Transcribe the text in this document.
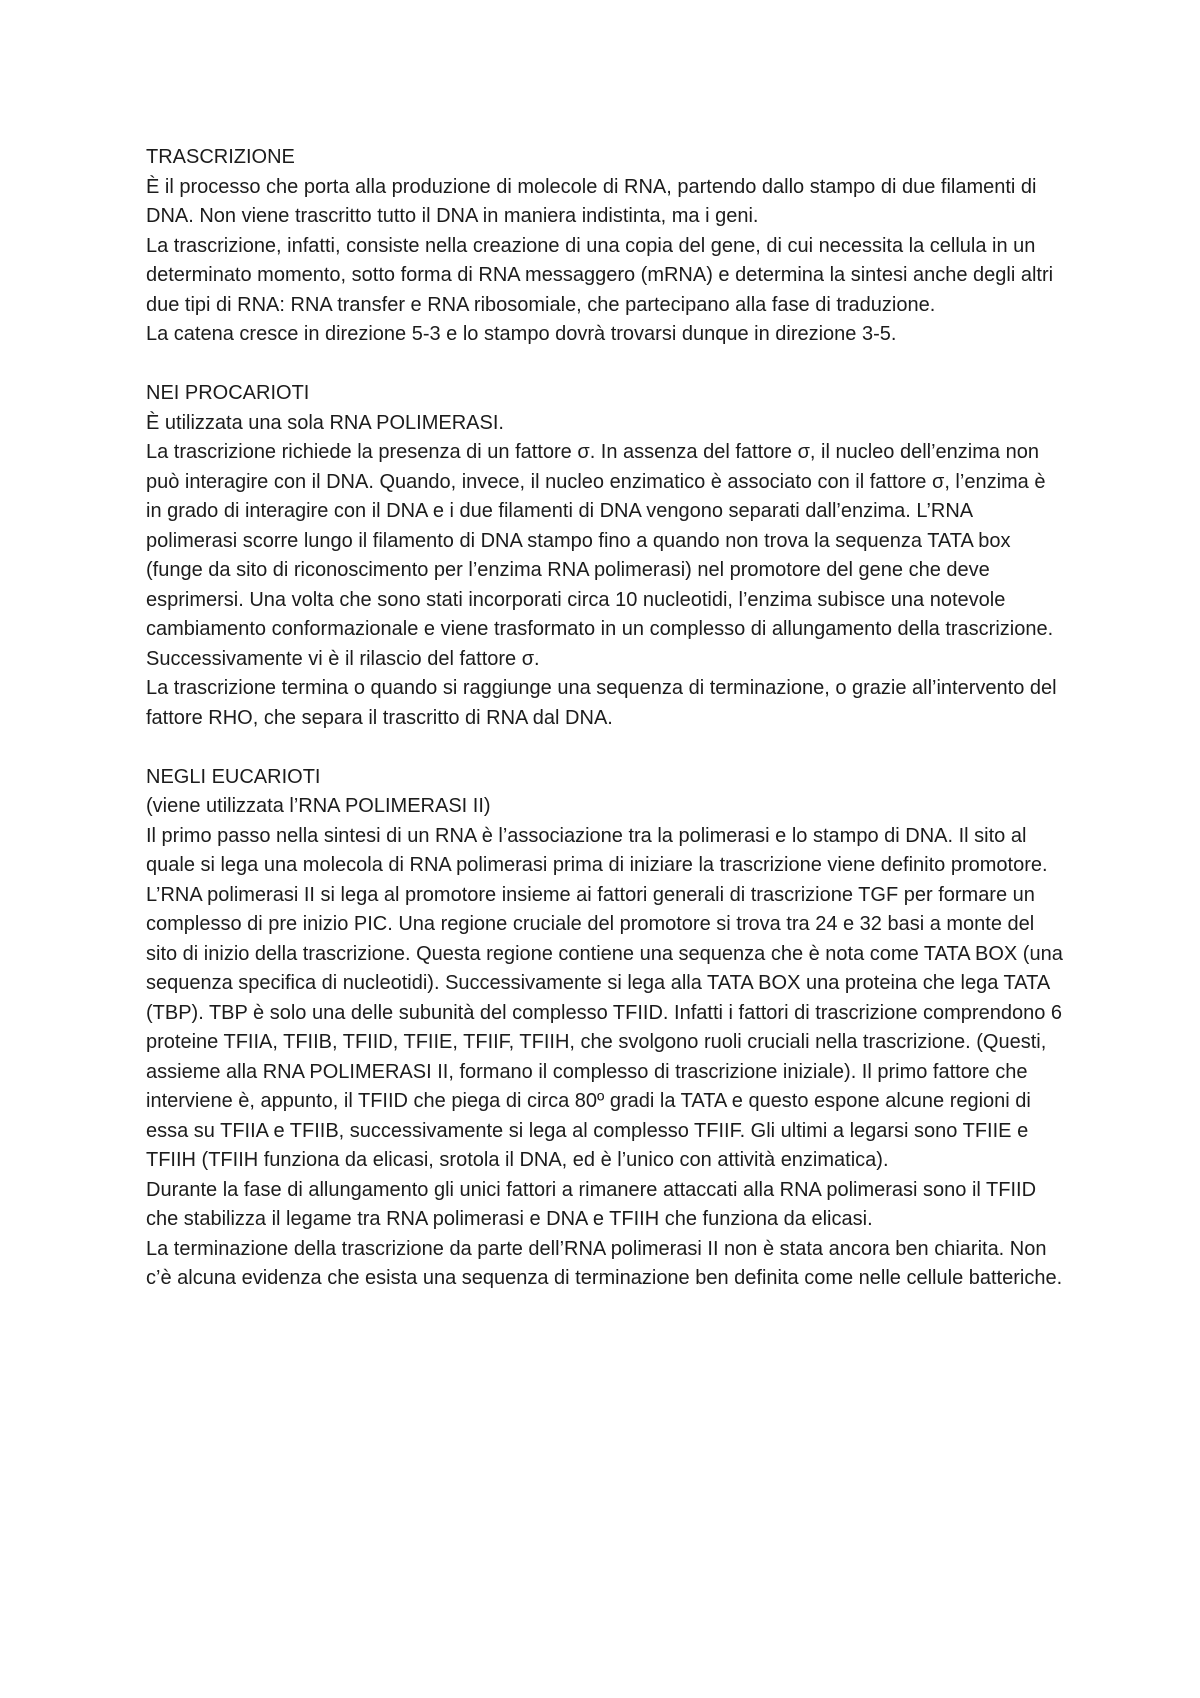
TRASCRIZIONE

È il processo che porta alla produzione di molecole di RNA, partendo dallo stampo di due filamenti di DNA. Non viene trascritto tutto il DNA in maniera indistinta, ma i geni.

La trascrizione, infatti, consiste nella creazione di una copia del gene, di cui necessita la cellula in un determinato momento, sotto forma di RNA messaggero (mRNA) e determina la sintesi anche degli altri due tipi di RNA: RNA transfer e RNA ribosomiale, che partecipano alla fase di traduzione.

La catena cresce in direzione 5-3 e lo stampo dovrà trovarsi dunque in direzione 3-5.

NEI PROCARIOTI

È utilizzata una sola RNA POLIMERASI.

La trascrizione richiede la presenza di un fattore σ. In assenza del fattore σ, il nucleo dell’enzima non può interagire con il DNA. Quando, invece, il nucleo enzimatico è associato con il fattore σ, l’enzima è in grado di interagire con il DNA e i due filamenti di DNA vengono separati dall’enzima. L’RNA polimerasi scorre lungo il filamento di DNA stampo fino a quando non trova la sequenza TATA box (funge da sito di riconoscimento per l’enzima RNA polimerasi) nel promotore del gene che deve esprimersi. Una volta che sono stati incorporati circa 10 nucleotidi, l’enzima subisce una notevole cambiamento conformazionale e viene trasformato in un complesso di allungamento della trascrizione. Successivamente vi è il rilascio del fattore σ.

La trascrizione termina o quando si raggiunge una sequenza di terminazione, o grazie all’intervento del fattore RHO, che separa il trascritto di RNA dal DNA.

NEGLI EUCARIOTI

(viene utilizzata l’RNA POLIMERASI II)

Il primo passo nella sintesi di un RNA è l’associazione tra la polimerasi e lo stampo di DNA. Il sito al quale si lega una molecola di RNA polimerasi prima di iniziare la trascrizione viene definito promotore.

L’RNA polimerasi II si lega al promotore insieme ai fattori generali di trascrizione TGF per formare un complesso di pre inizio PIC. Una regione cruciale del promotore si trova tra 24 e 32 basi a monte del sito di inizio della trascrizione. Questa regione contiene una sequenza che è nota come TATA BOX (una sequenza specifica di nucleotidi). Successivamente si lega alla TATA BOX una proteina che lega TATA (TBP). TBP è solo una delle subunità del complesso TFIID. Infatti i fattori di trascrizione comprendono 6 proteine TFIIA, TFIIB, TFIID, TFIIE, TFIIF, TFIIH, che svolgono ruoli cruciali nella trascrizione. (Questi, assieme alla RNA POLIMERASI II, formano il complesso di trascrizione iniziale). Il primo fattore che interviene è, appunto, il TFIID che piega di circa 80º gradi la TATA e questo espone alcune regioni di essa su TFIIA e TFIIB, successivamente si lega al complesso TFIIF. Gli ultimi a legarsi sono TFIIE e TFIIH (TFIIH funziona da elicasi, srotola il DNA, ed è l’unico con attività enzimatica).

Durante la fase di allungamento gli unici fattori a rimanere attaccati alla RNA polimerasi sono il TFIID che stabilizza il legame tra RNA polimerasi e DNA e TFIIH che funziona da elicasi.

La terminazione della trascrizione da parte dell’RNA polimerasi II non è stata ancora ben chiarita. Non c’è alcuna evidenza che esista una sequenza di terminazione ben definita come nelle cellule batteriche.
